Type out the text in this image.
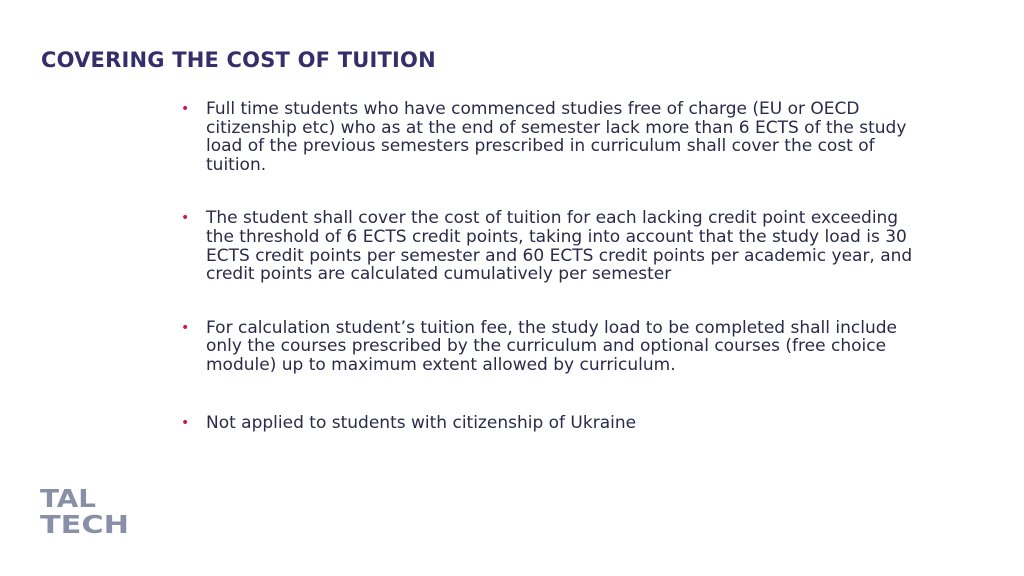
COVERING THE COST OF TUITION
• Full time students who have commenced studies free of charge (EU or OECD citizenship etc) who as at the end of semester lack more than 6 ECTS of the study load of the previous semesters prescribed in curriculum shall cover the cost of tuition.
• The student shall cover the cost of tuition for each lacking credit point exceeding the threshold of 6 ECTS credit points, taking into account that the study load is 30 ECTS credit points per semester and 60 ECTS credit points per academic year, and credit points are calculated cumulatively per semester
• For calculation student’s tuition fee, the study load to be completed shall include only the courses prescribed by the curriculum and optional courses (free choice module) up to maximum extent allowed by curriculum.
• Not applied to students with citizenship of Ukraine
TAL
TECH
